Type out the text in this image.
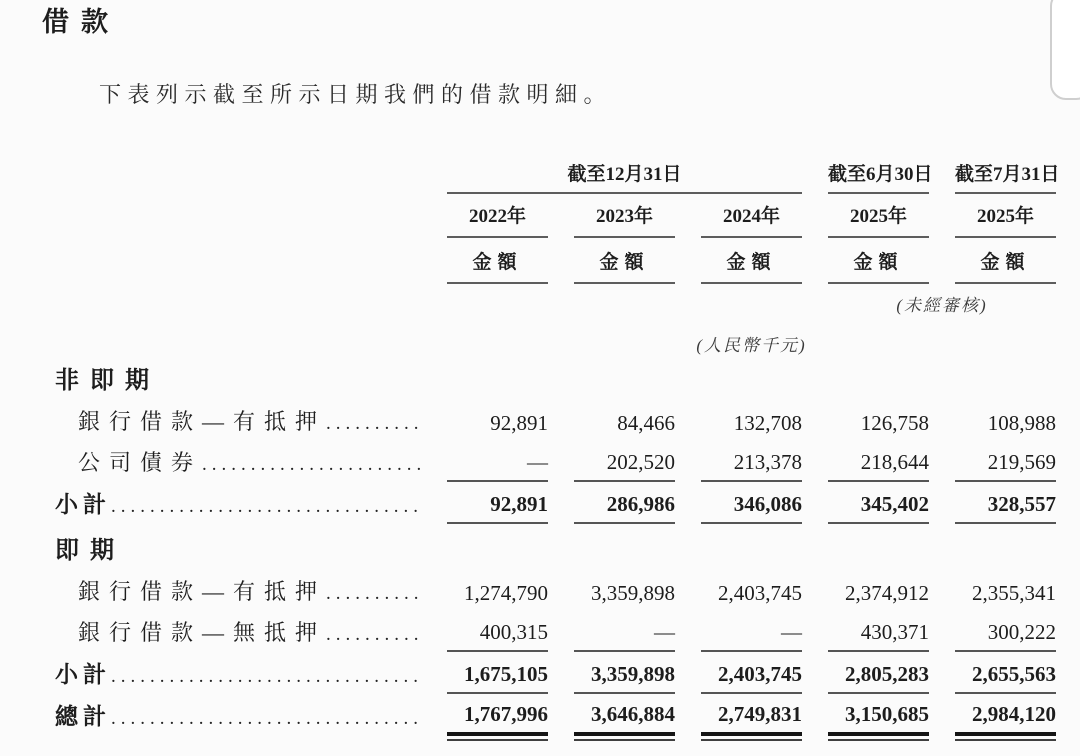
借款
下表列示截至所示日期我們的借款明細。
截至12月31日	截至6月30日 截至7月31日
2022年	2023年	2024年	2025年	2025年
金額	金額	金額	金額	金額
(未經審核)
(人民幣千元)
非即期
銀行借款—有抵押 .....	92,891	84,466	132,708	126,758	108,988
公司債券 .....	—	202,520	213,378	218,644	219,569
小計 .....	92,891	286,986	346,086	345,402	328,557
即期
銀行借款—有抵押 .....	1,274,790	3,359,898	2,403,745	2,374,912	2,355,341
銀行借款—無抵押 .....	400,315	—	—	430,371	300,222
小計 .....	1,675,105	3,359,898	2,403,745	2,805,283	2,655,563
總計 .....	1,767,996	3,646,884	2,749,831	3,150,685	2,984,120
